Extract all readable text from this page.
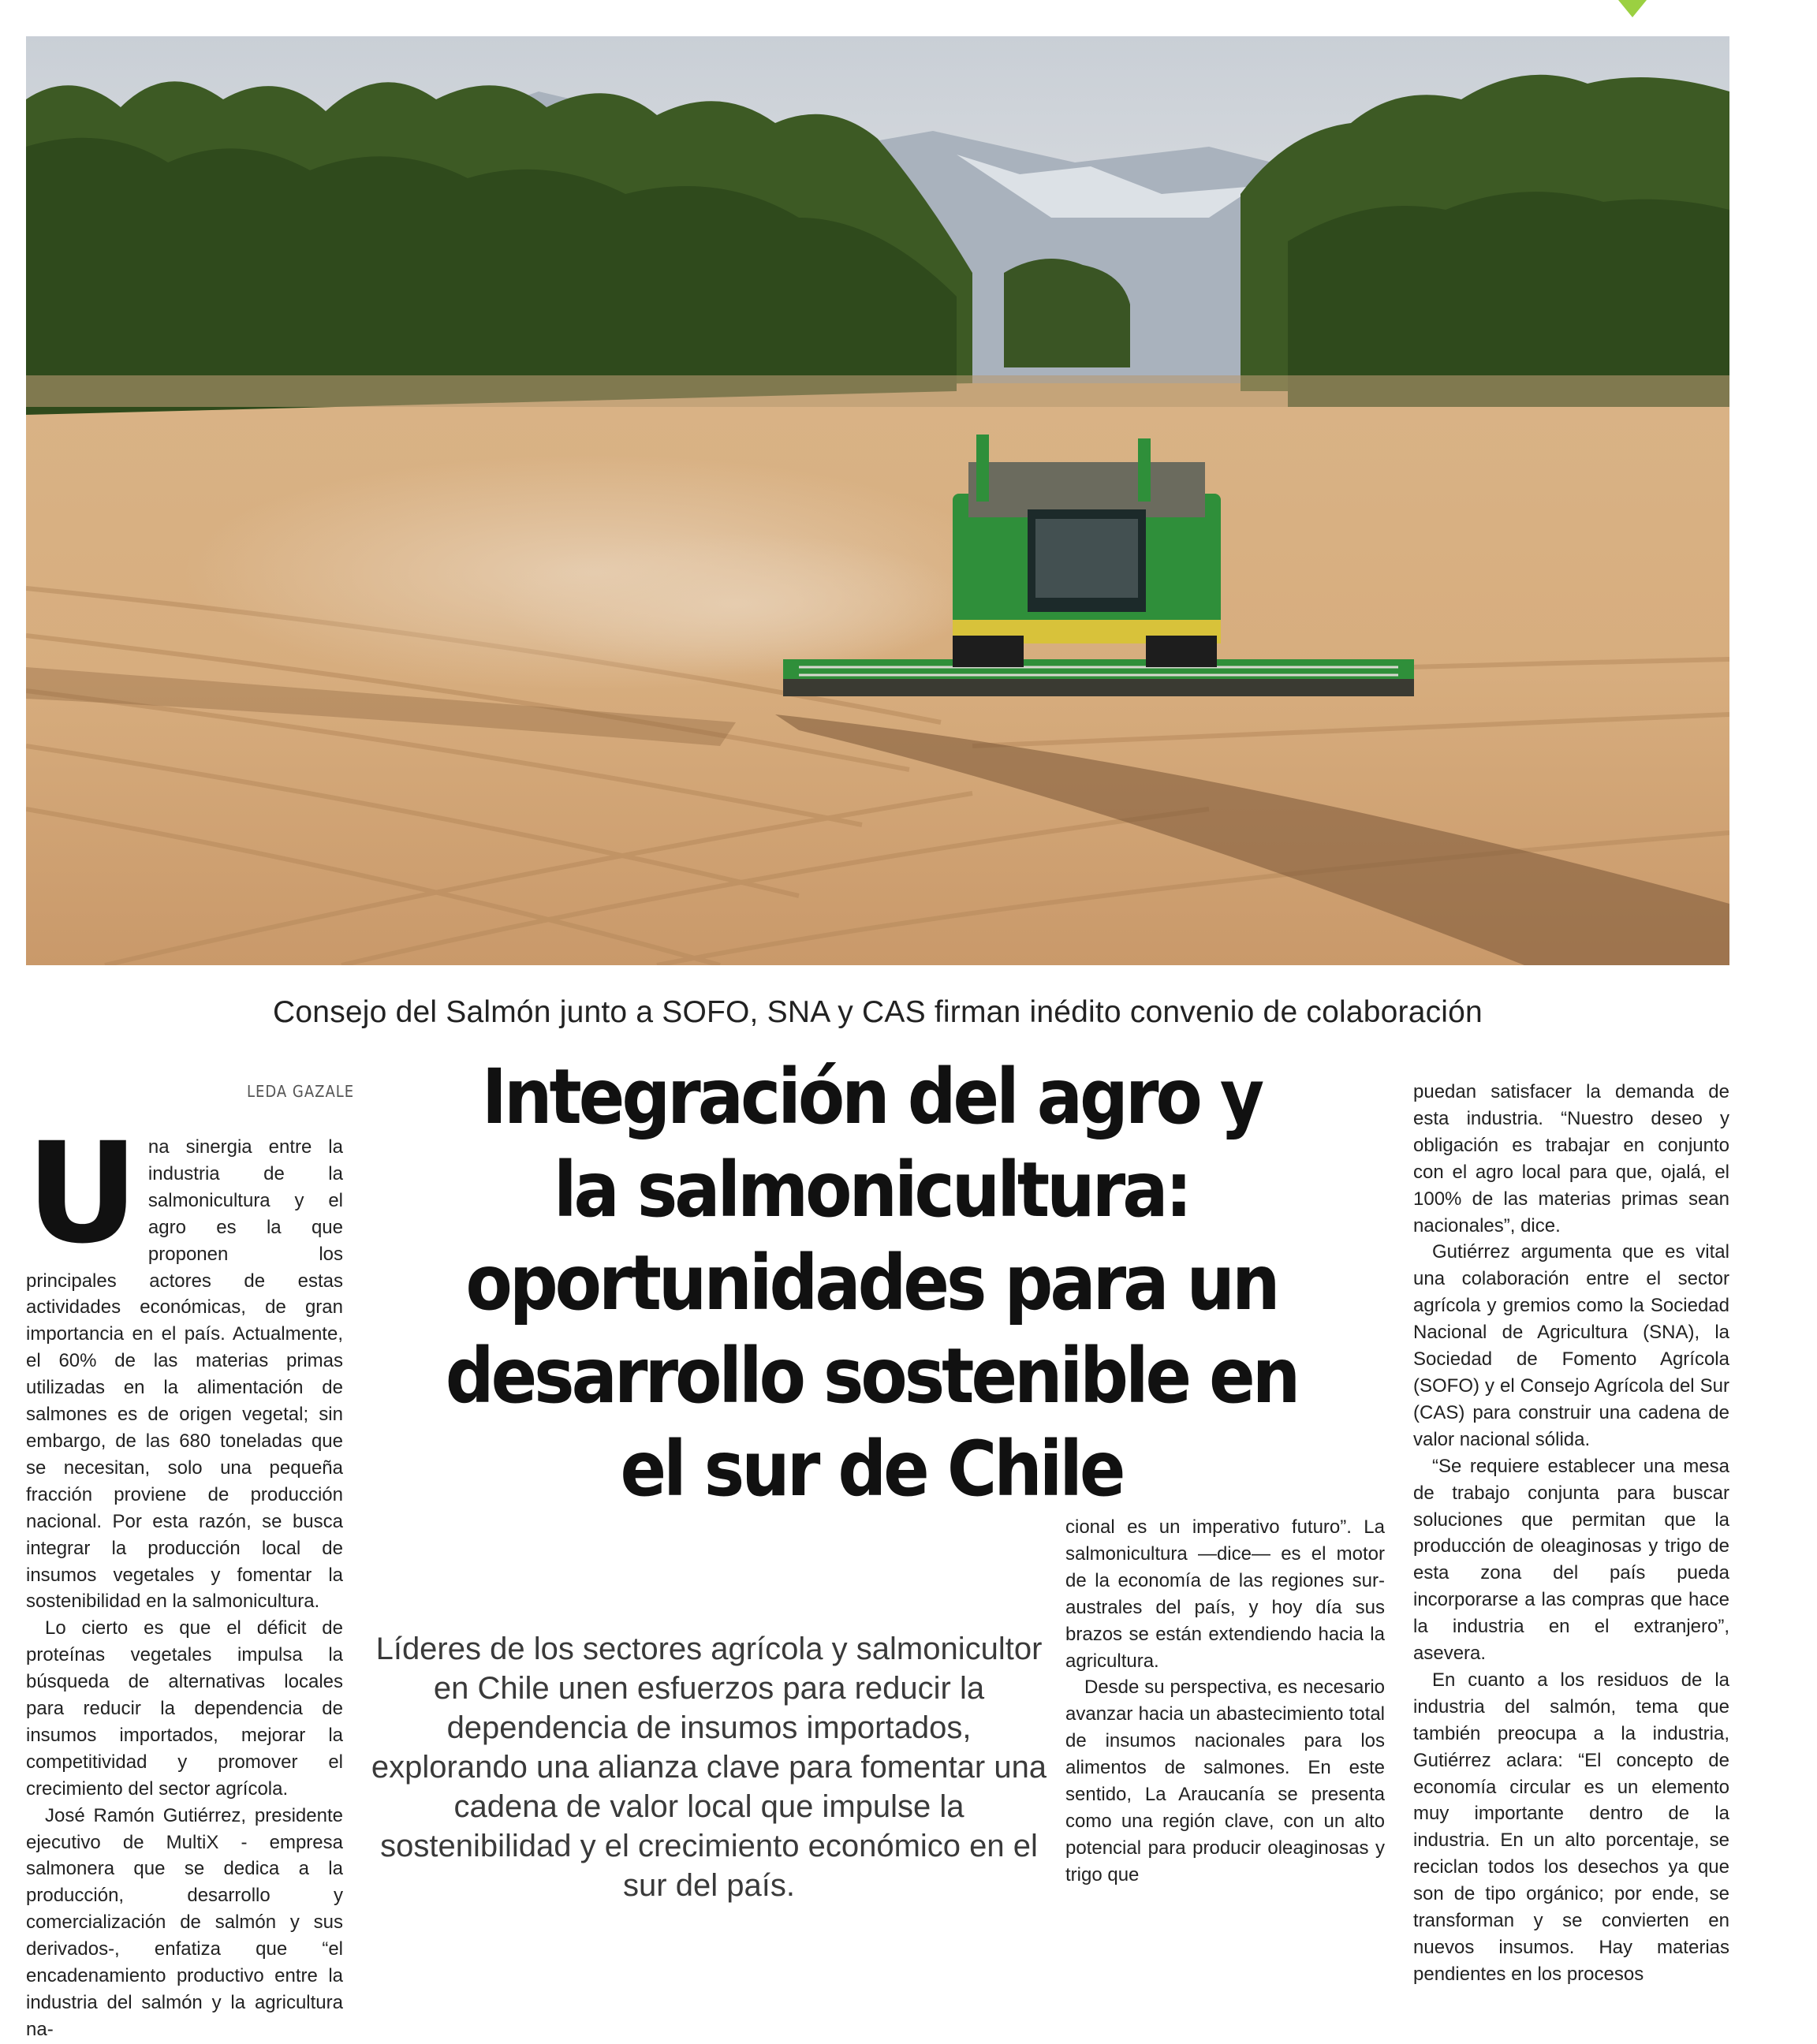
Consejo del Salmón junto a SOFO, SNA y CAS firman inédito convenio de colaboración
LEDA GAZALE	Integración del agro y la salmonicultura: oportunidades para un desarrollo sostenible en el sur de Chile
U na sinergia entre la industria de la salmonicultura y el agro es la que proponen los principales actores de estas actividades económicas, de gran importancia en el país. Actualmente, el 60% de las materias primas utilizadas en la alimentación de salmones es de origen vegetal; sin embargo, de las 680 toneladas que se necesitan, solo una pequeña fracción proviene de producción nacional. Por esta razón, se busca integrar la producción local de insumos vegetales y fomentar la sostenibilidad en la salmonicultura.

Lo cierto es que el déficit de proteínas vegetales impulsa la búsqueda de alternativas locales para reducir la dependencia de insumos importados, mejorar la competitividad y promover el crecimiento del sector agrícola.

José Ramón Gutiérrez, presidente ejecutivo de MultiX - empresa salmonera que se dedica a la producción, desarrollo y comercialización de salmón y sus derivados-, enfatiza que “el encadenamiento productivo entre la industria del salmón y la agricultura na-

Líderes de los sectores agrícola y salmonicultor en Chile unen esfuerzos para reducir la dependencia de insumos importados, explorando una alianza clave para fomentar una cadena de valor local que impulse la sostenibilidad y el crecimiento económico en el sur del país.

cional es un imperativo futuro”. La salmonicultura —dice— es el motor de la economía de las regiones sur-australes del país, y hoy día sus brazos se están extendiendo hacia la agricultura.

Desde su perspectiva, es necesario avanzar hacia un abastecimiento total de insumos nacionales para los alimentos de salmones. En este sentido, La Araucanía se presenta como una región clave, con un alto potencial para producir oleaginosas y trigo que

puedan satisfacer la demanda de esta industria. “Nuestro deseo y obligación es trabajar en conjunto con el agro local para que, ojalá, el 100% de las materias primas sean nacionales”, dice.

Gutiérrez argumenta que es vital una colaboración entre el sector agrícola y gremios como la Sociedad Nacional de Agricultura (SNA), la Sociedad de Fomento Agrícola (SOFO) y el Consejo Agrícola del Sur (CAS) para construir una cadena de valor nacional sólida.

“Se requiere establecer una mesa de trabajo conjunta para buscar soluciones que permitan que la producción de oleaginosas y trigo de esta zona del país pueda incorporarse a las compras que hace la industria en el extranjero”, asevera.

En cuanto a los residuos de la industria del salmón, tema que también preocupa a la industria, Gutiérrez aclara: “El concepto de economía circular es un elemento muy importante dentro de la industria. En un alto porcentaje, se reciclan todos los desechos ya que son de tipo orgánico; por ende, se transforman y se convierten en nuevos insumos. Hay materias pendientes en los procesos
